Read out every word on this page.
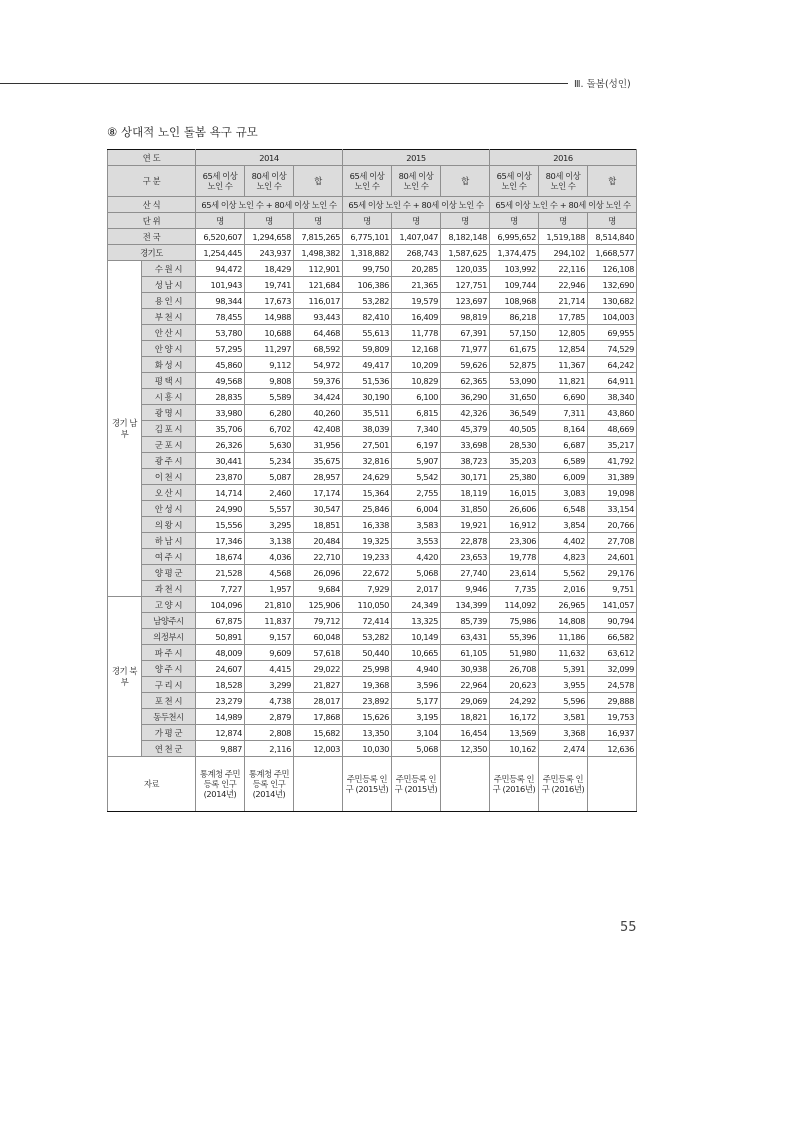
Ⅲ. 돌봄(성인)
⑧ 상대적 노인 돌봄 욕구 규모
연 도		2014			2015			2016		
구 분		65세 이상 노인 수	80세 이상 노인 수	합	65세 이상 노인 수	80세 이상 노인 수	합	65세 이상 노인 수	80세 이상 노인 수	합
산 식		65세 이상 노인 수 + 80세 이상 노인 수			65세 이상 노인 수 + 80세 이상 노인 수			65세 이상 노인 수 + 80세 이상 노인 수		
단 위		명	명	명	명	명	명	명	명	명
전 국		6,520,607	1,294,658	7,815,265	6,775,101	1,407,047	8,182,148	6,995,652	1,519,188	8,514,840
경기도		1,254,445	243,937	1,498,382	1,318,882	268,743	1,587,625	1,374,475	294,102	1,668,577
경기 남부	수 원 시	94,472	18,429	112,901	99,750	20,285	120,035	103,992	22,116	126,108
	성 남 시	101,943	19,741	121,684	106,386	21,365	127,751	109,744	22,946	132,690
	용 인 시	98,344	17,673	116,017	53,282	19,579	123,697	108,968	21,714	130,682
	부 천 시	78,455	14,988	93,443	82,410	16,409	98,819	86,218	17,785	104,003
	안 산 시	53,780	10,688	64,468	55,613	11,778	67,391	57,150	12,805	69,955
	안 양 시	57,295	11,297	68,592	59,809	12,168	71,977	61,675	12,854	74,529
	화 성 시	45,860	9,112	54,972	49,417	10,209	59,626	52,875	11,367	64,242
	평 택 시	49,568	9,808	59,376	51,536	10,829	62,365	53,090	11,821	64,911
	시 흥 시	28,835	5,589	34,424	30,190	6,100	36,290	31,650	6,690	38,340
	광 명 시	33,980	6,280	40,260	35,511	6,815	42,326	36,549	7,311	43,860
	김 포 시	35,706	6,702	42,408	38,039	7,340	45,379	40,505	8,164	48,669
	군 포 시	26,326	5,630	31,956	27,501	6,197	33,698	28,530	6,687	35,217
	광 주 시	30,441	5,234	35,675	32,816	5,907	38,723	35,203	6,589	41,792
	이 천 시	23,870	5,087	28,957	24,629	5,542	30,171	25,380	6,009	31,389
	오 산 시	14,714	2,460	17,174	15,364	2,755	18,119	16,015	3,083	19,098
	안 성 시	24,990	5,557	30,547	25,846	6,004	31,850	26,606	6,548	33,154
	의 왕 시	15,556	3,295	18,851	16,338	3,583	19,921	16,912	3,854	20,766
	하 남 시	17,346	3,138	20,484	19,325	3,553	22,878	23,306	4,402	27,708
	여 주 시	18,674	4,036	22,710	19,233	4,420	23,653	19,778	4,823	24,601
	양 평 군	21,528	4,568	26,096	22,672	5,068	27,740	23,614	5,562	29,176
	과 천 시	7,727	1,957	9,684	7,929	2,017	9,946	7,735	2,016	9,751
경기 북부	고 양 시	104,096	21,810	125,906	110,050	24,349	134,399	114,092	26,965	141,057
	남양주시	67,875	11,837	79,712	72,414	13,325	85,739	75,986	14,808	90,794
	의정부시	50,891	9,157	60,048	53,282	10,149	63,431	55,396	11,186	66,582
	파 주 시	48,009	9,609	57,618	50,440	10,665	61,105	51,980	11,632	63,612
	양 주 시	24,607	4,415	29,022	25,998	4,940	30,938	26,708	5,391	32,099
	구 리 시	18,528	3,299	21,827	19,368	3,596	22,964	20,623	3,955	24,578
	포 천 시	23,279	4,738	28,017	23,892	5,177	29,069	24,292	5,596	29,888
	동두천시	14,989	2,879	17,868	15,626	3,195	18,821	16,172	3,581	19,753
	가 평 군	12,874	2,808	15,682	13,350	3,104	16,454	13,569	3,368	16,937
	연 천 군	9,887	2,116	12,003	10,030	5,068	12,350	10,162	2,474	12,636
자료		통계청 주민등록 인구 (2014년)	통계청 주민등록 인구 (2014년)		주민등록 인구 (2015년)	주민등록 인구 (2015년)		주민등록 인구 (2016년)	주민등록 인구 (2016년)	
55
